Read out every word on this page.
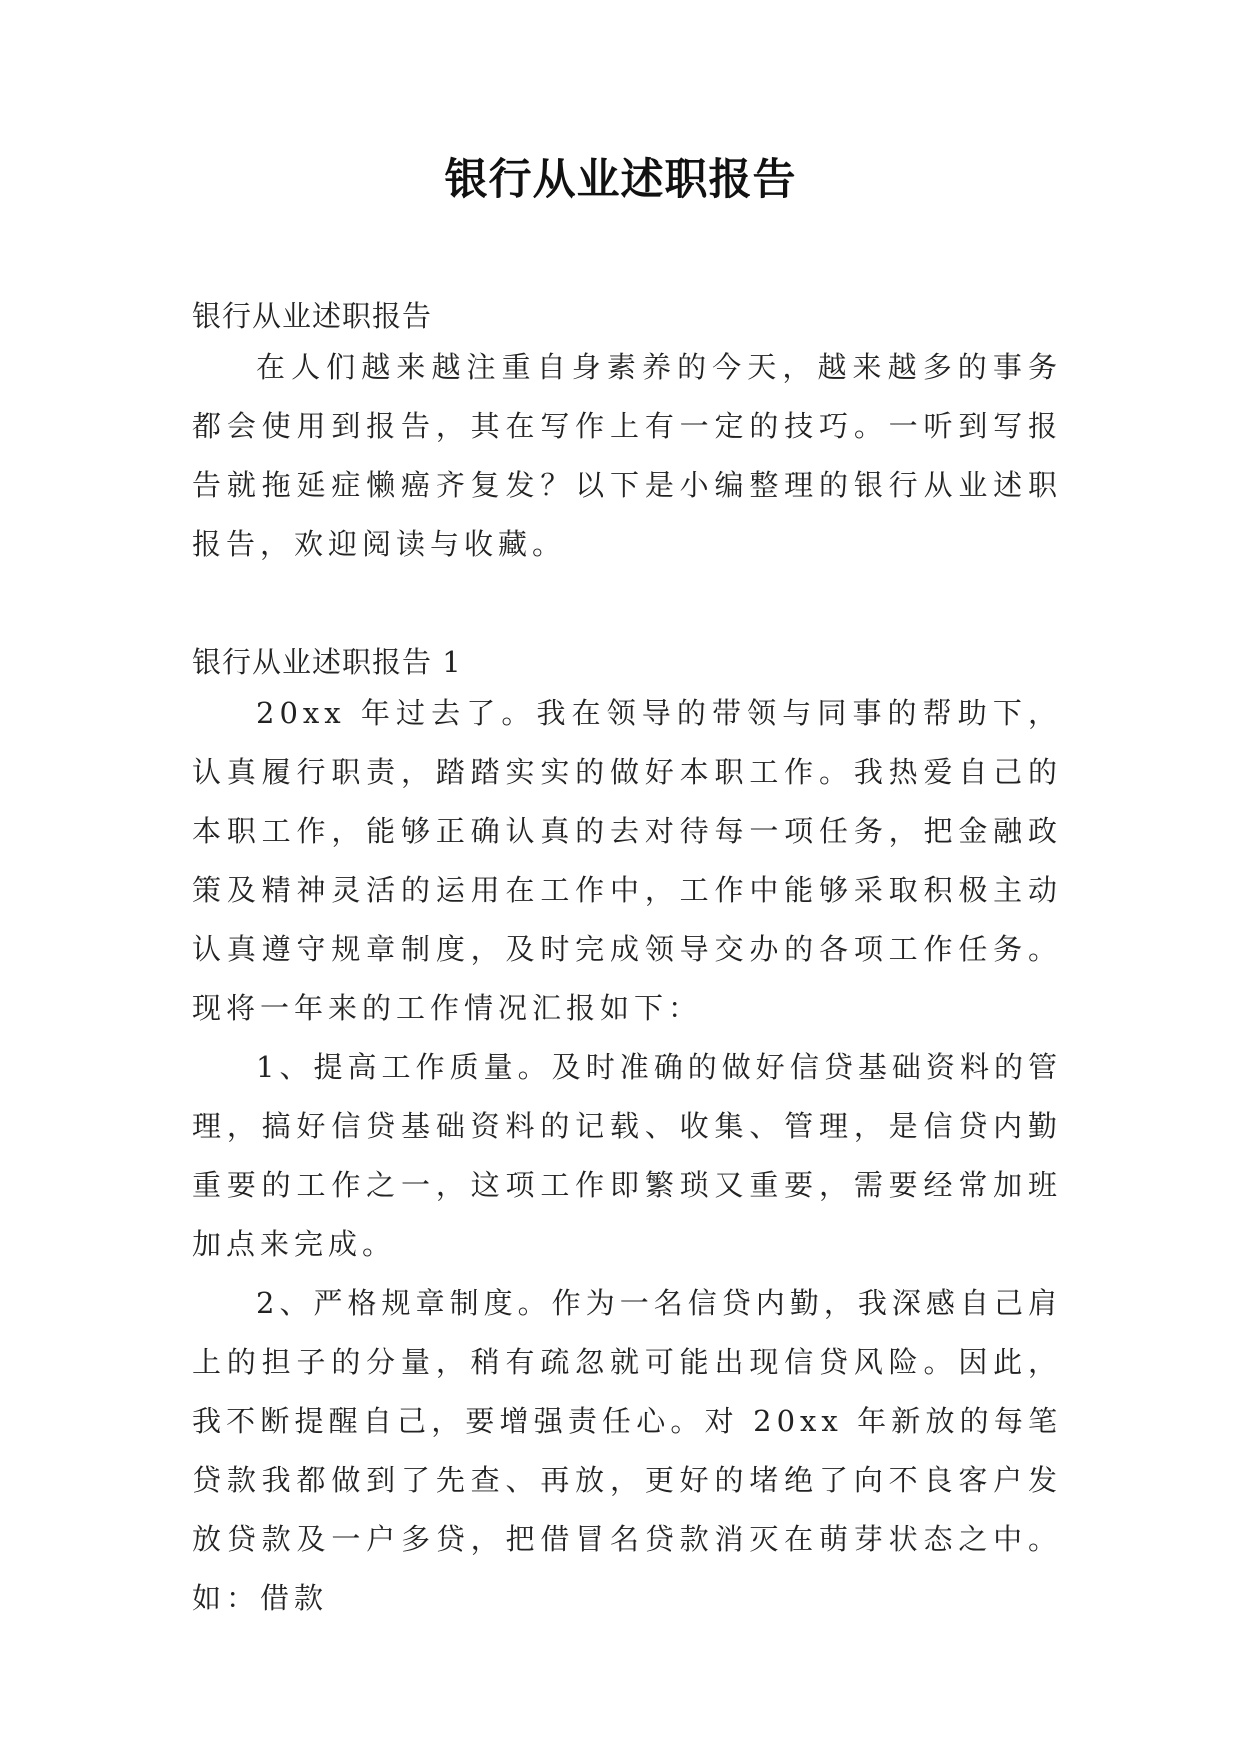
银行从业述职报告

银行从业述职报告

在人们越来越注重自身素养的今天，越来越多的事务都会使用到报告，其在写作上有一定的技巧。一听到写报告就拖延症懒癌齐复发？以下是小编整理的银行从业述职报告，欢迎阅读与收藏。

银行从业述职报告 1

20xx 年过去了。我在领导的带领与同事的帮助下，认真履行职责，踏踏实实的做好本职工作。我热爱自己的本职工作，能够正确认真的去对待每一项任务，把金融政策及精神灵活的运用在工作中，工作中能够采取积极主动认真遵守规章制度，及时完成领导交办的各项工作任务。现将一年来的工作情况汇报如下：

1、提高工作质量。及时准确的做好信贷基础资料的管理，搞好信贷基础资料的记载、收集、管理，是信贷内勤重要的工作之一，这项工作即繁琐又重要，需要经常加班加点来完成。

2、严格规章制度。作为一名信贷内勤，我深感自己肩上的担子的分量，稍有疏忽就可能出现信贷风险。因此，我不断提醒自己，要增强责任心。对 20xx 年新放的每笔贷款我都做到了先查、再放，更好的堵绝了向不良客户发放贷款及一户多贷，把借冒名贷款消灭在萌芽状态之中。如：借款
